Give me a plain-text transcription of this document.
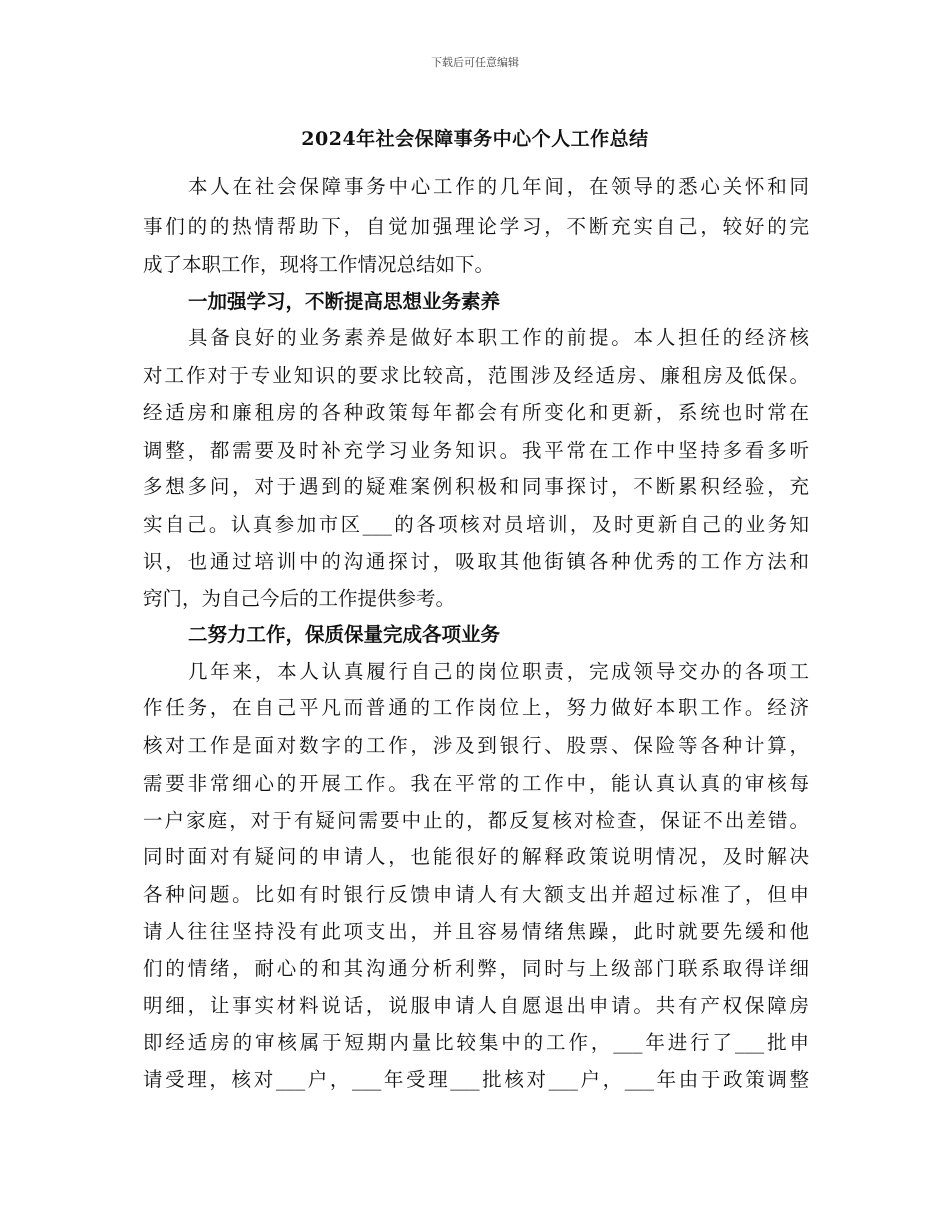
下载后可任意编辑
2024年社会保障事务中心个人工作总结

本人在社会保障事务中心工作的几年间，在领导的悉心关怀和同

事们的的热情帮助下，自觉加强理论学习，不断充实自己，较好的完

成了本职工作，现将工作情况总结如下。

一加强学习，不断提高思想业务素养

具备良好的业务素养是做好本职工作的前提。本人担任的经济核

对工作对于专业知识的要求比较高，范围涉及经适房、廉租房及低保。

经适房和廉租房的各种政策每年都会有所变化和更新，系统也时常在

调整，都需要及时补充学习业务知识。我平常在工作中坚持多看多听

多想多问，对于遇到的疑难案例积极和同事探讨，不断累积经验，充

实自己。认真参加市区___的各项核对员培训，及时更新自己的业务知

识，也通过培训中的沟通探讨，吸取其他街镇各种优秀的工作方法和

窍门，为自己今后的工作提供参考。

二努力工作，保质保量完成各项业务

几年来，本人认真履行自己的岗位职责，完成领导交办的各项工

作任务，在自己平凡而普通的工作岗位上，努力做好本职工作。经济

核对工作是面对数字的工作，涉及到银行、股票、保险等各种计算，

需要非常细心的开展工作。我在平常的工作中，能认真认真的审核每

一户家庭，对于有疑问需要中止的，都反复核对检查，保证不出差错。

同时面对有疑问的申请人，也能很好的解释政策说明情况，及时解决

各种问题。比如有时银行反馈申请人有大额支出并超过标准了，但申

请人往往坚持没有此项支出，并且容易情绪焦躁，此时就要先缓和他

们的情绪，耐心的和其沟通分析利弊，同时与上级部门联系取得详细

明细，让事实材料说话，说服申请人自愿退出申请。共有产权保障房

即经适房的审核属于短期内量比较集中的工作，___年进行了___批申

请受理，核对___户，___年受理___批核对___户，___年由于政策调整
